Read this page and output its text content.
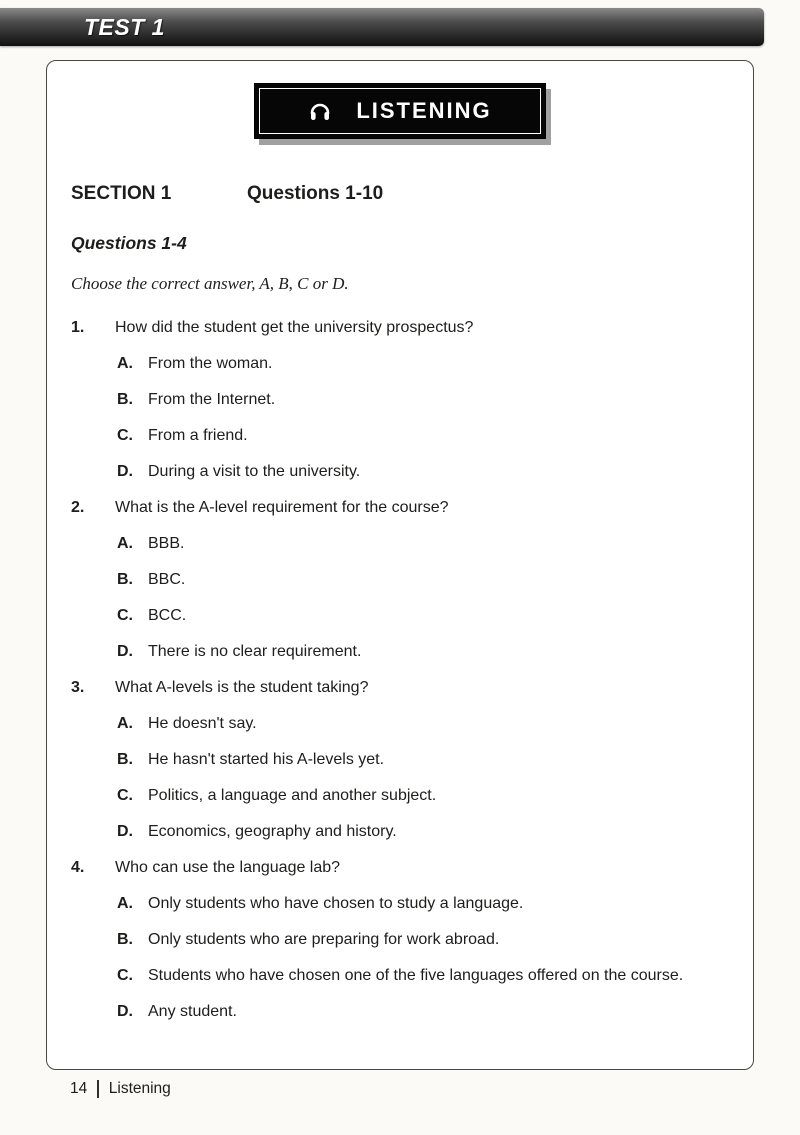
TEST 1
LISTENING
SECTION 1	Questions 1-10
Questions 1-4

Choose the correct answer, A, B, C or D.

1.	How did the student get the university prospectus?
A. From the woman.
B. From the Internet.
C. From a friend.
D. During a visit to the university.
2.	What is the A-level requirement for the course?
A. BBB.
B. BBC.
C. BCC.
D. There is no clear requirement.
3.	What A-levels is the student taking?
A. He doesn't say.
B. He hasn't started his A-levels yet.
C. Politics, a language and another subject.
D. Economics, geography and history.
4.	Who can use the language lab?
A. Only students who have chosen to study a language.
B. Only students who are preparing for work abroad.
C. Students who have chosen one of the five languages offered on the course.
D. Any student.
14 Listening
